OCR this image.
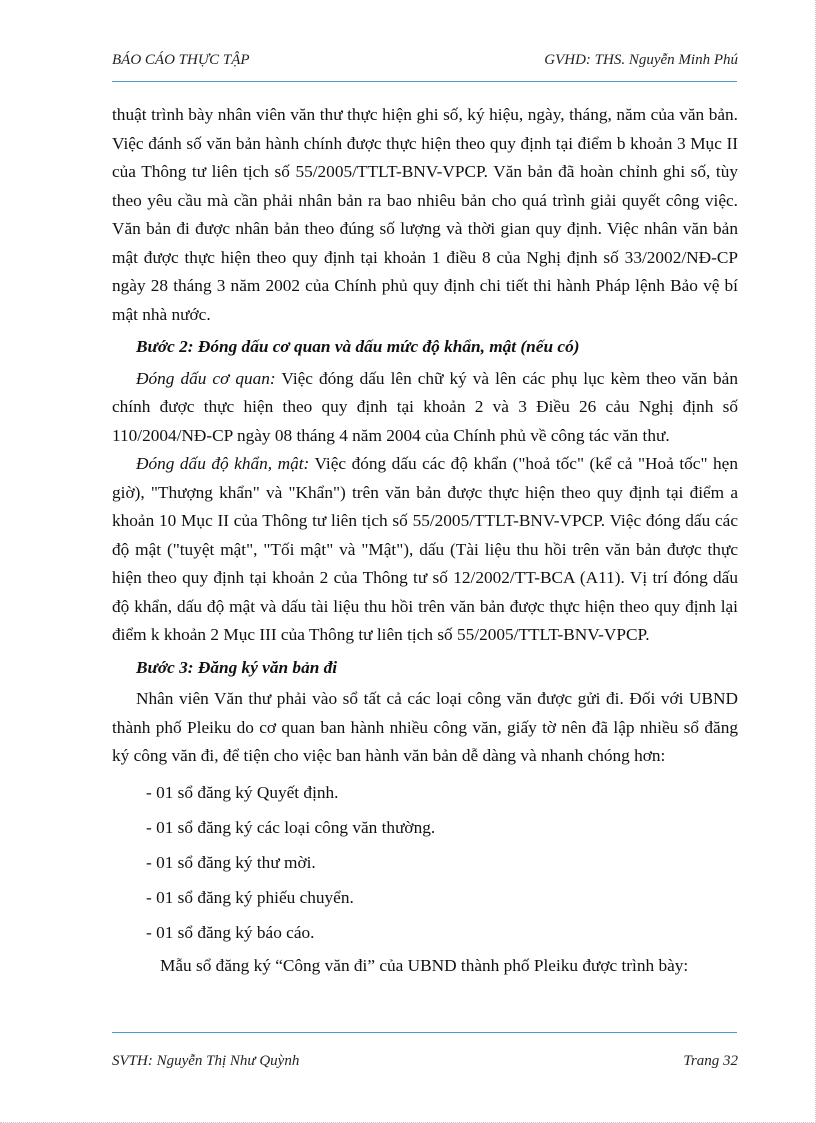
BÁO CÁO THỰC TẬP	GVHD: THS. Nguyễn Minh Phú

thuật trình bày nhân viên văn thư thực hiện ghi số, ký hiệu, ngày, tháng, năm của văn bản. Việc đánh số văn bản hành chính được thực hiện theo quy định tại điểm b khoản 3 Mục II của Thông tư liên tịch số 55/2005/TTLT-BNV-VPCP. Văn bản đã hoàn chỉnh ghi số, tùy theo yêu cầu mà cần phải nhân bản ra bao nhiêu bản cho quá trình giải quyết công việc. Văn bản đi được nhân bản theo đúng số lượng và thời gian quy định. Việc nhân văn bản mật được thực hiện theo quy định tại khoản 1 điều 8 của Nghị định số 33/2002/NĐ-CP ngày 28 tháng 3 năm 2002 của Chính phủ quy định chi tiết thi hành Pháp lệnh Bảo vệ bí mật nhà nước.

Bước 2: Đóng dấu cơ quan và dấu mức độ khẩn, mật (nếu có)

Đóng dấu cơ quan: Việc đóng dấu lên chữ ký và lên các phụ lục kèm theo văn bản chính được thực hiện theo quy định tại khoản 2 và 3 Điều 26 cảu Nghị định số 110/2004/NĐ-CP ngày 08 tháng 4 năm 2004 của Chính phủ về công tác văn thư.

Đóng dấu độ khẩn, mật: Việc đóng dấu các độ khẩn ("hoả tốc" (kể cả "Hoả tốc" hẹn giờ), "Thượng khẩn" và "Khẩn") trên văn bản được thực hiện theo quy định tại điểm a khoản 10 Mục II của Thông tư liên tịch số 55/2005/TTLT-BNV-VPCP. Việc đóng dấu các độ mật ("tuyệt mật", "Tối mật" và "Mật"), dấu (Tài liệu thu hồi trên văn bản được thực hiện theo quy định tại khoản 2 của Thông tư số 12/2002/TT-BCA (A11). Vị trí đóng dấu độ khẩn, dấu độ mật và dấu tài liệu thu hồi trên văn bản được thực hiện theo quy định lại điểm k khoản 2 Mục III của Thông tư liên tịch số 55/2005/TTLT-BNV-VPCP.

Bước 3: Đăng ký văn bản đi

Nhân viên Văn thư phải vào sổ tất cả các loại công văn được gửi đi. Đối với UBND thành phố Pleiku do cơ quan ban hành nhiều công văn, giấy tờ nên đã lập nhiều sổ đăng ký công văn đi, để tiện cho việc ban hành văn bản dễ dàng và nhanh chóng hơn:

- 01 sổ đăng ký Quyết định.
- 01 sổ đăng ký các loại công văn thường.
- 01 sổ đăng ký thư mời.
- 01 sổ đăng ký phiếu chuyển.
- 01 sổ đăng ký báo cáo.

Mẫu sổ đăng ký “Công văn đi” của UBND thành phố Pleiku được trình bày:

SVTH: Nguyễn Thị Như Quỳnh	Trang 32
